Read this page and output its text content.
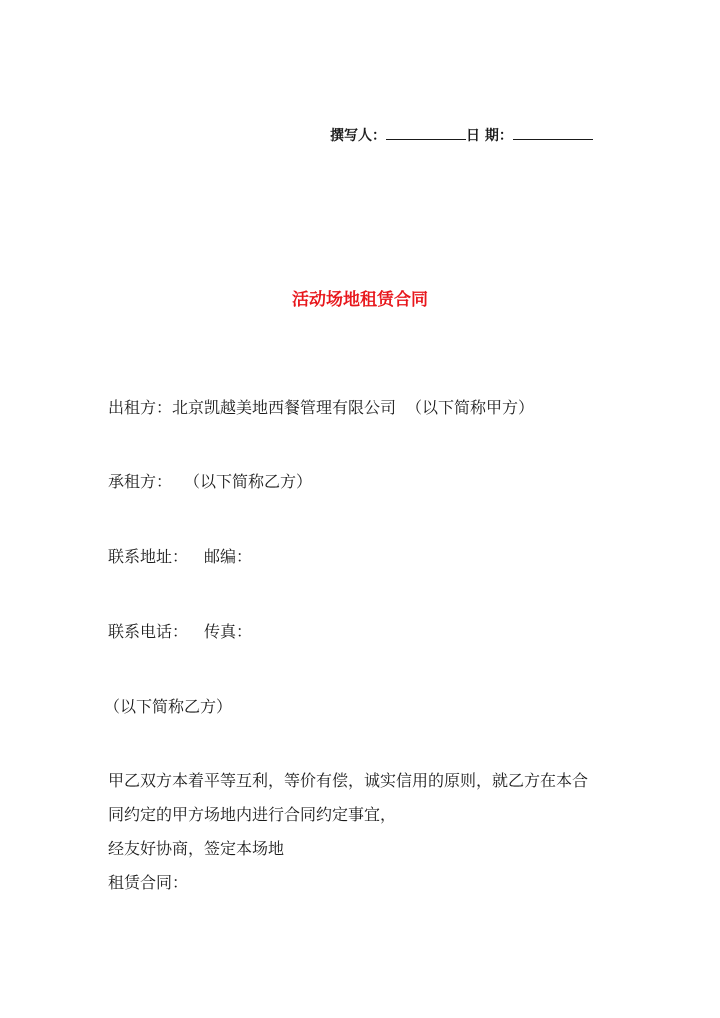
撰写人：	日 期：
活动场地租赁合同
出租方：北京凯越美地西餐管理有限公司 （以下简称甲方）
承租方： （以下简称乙方）
联系地址： 邮编：
联系电话： 传真：
（以下简称乙方）
甲乙双方本着平等互利，等价有偿，诚实信用的原则，就乙方在本合
同约定的甲方场地内进行合同约定事宜，
经友好协商，签定本场地
租赁合同：
